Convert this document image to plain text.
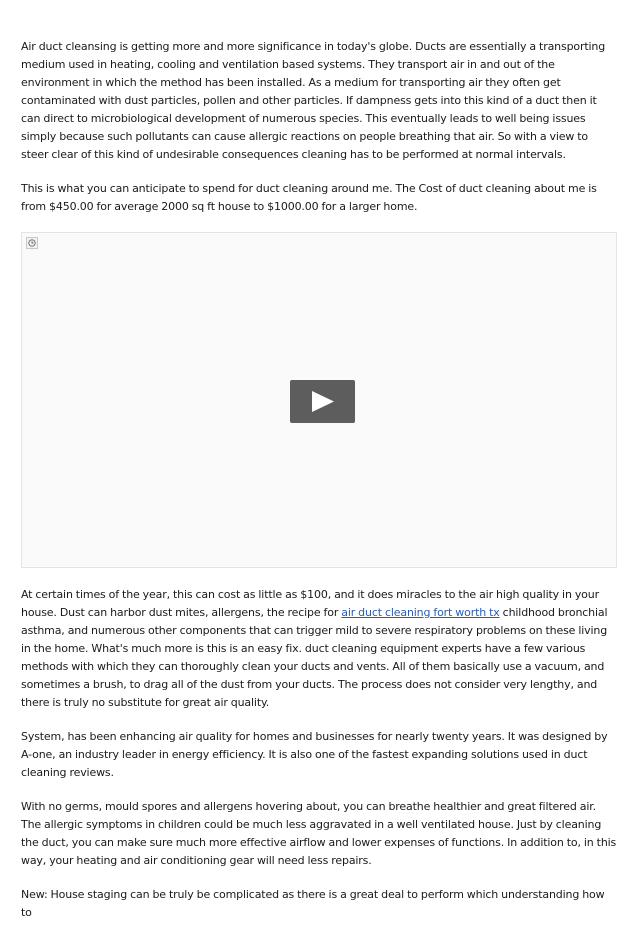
Air duct cleansing is getting more and more significance in today's globe. Ducts are essentially a transporting medium used in heating, cooling and ventilation based systems. They transport air in and out of the environment in which the method has been installed. As a medium for transporting air they often get contaminated with dust particles, pollen and other particles. If dampness gets into this kind of a duct then it can direct to microbiological development of numerous species. This eventually leads to well being issues simply because such pollutants can cause allergic reactions on people breathing that air. So with a view to steer clear of this kind of undesirable consequences cleaning has to be performed at normal intervals.

This is what you can anticipate to spend for duct cleaning around me. The Cost of duct cleaning about me is from $450.00 for average 2000 sq ft house to $1000.00 for a larger home.

At certain times of the year, this can cost as little as $100, and it does miracles to the air high quality in your house. Dust can harbor dust mites, allergens, the recipe for air duct cleaning fort worth tx childhood bronchial asthma, and numerous other components that can trigger mild to severe respiratory problems on these living in the home. What's much more is this is an easy fix. duct cleaning equipment experts have a few various methods with which they can thoroughly clean your ducts and vents. All of them basically use a vacuum, and sometimes a brush, to drag all of the dust from your ducts. The process does not consider very lengthy, and there is truly no substitute for great air quality.

System, has been enhancing air quality for homes and businesses for nearly twenty years. It was designed by A-one, an industry leader in energy efficiency. It is also one of the fastest expanding solutions used in duct cleaning reviews.

With no germs, mould spores and allergens hovering about, you can breathe healthier and great filtered air. The allergic symptoms in children could be much less aggravated in a well ventilated house. Just by cleaning the duct, you can make sure much more effective airflow and lower expenses of functions. In addition to, in this way, your heating and air conditioning gear will need less repairs.

New: House staging can be truly be complicated as there is a great deal to perform which understanding how to
